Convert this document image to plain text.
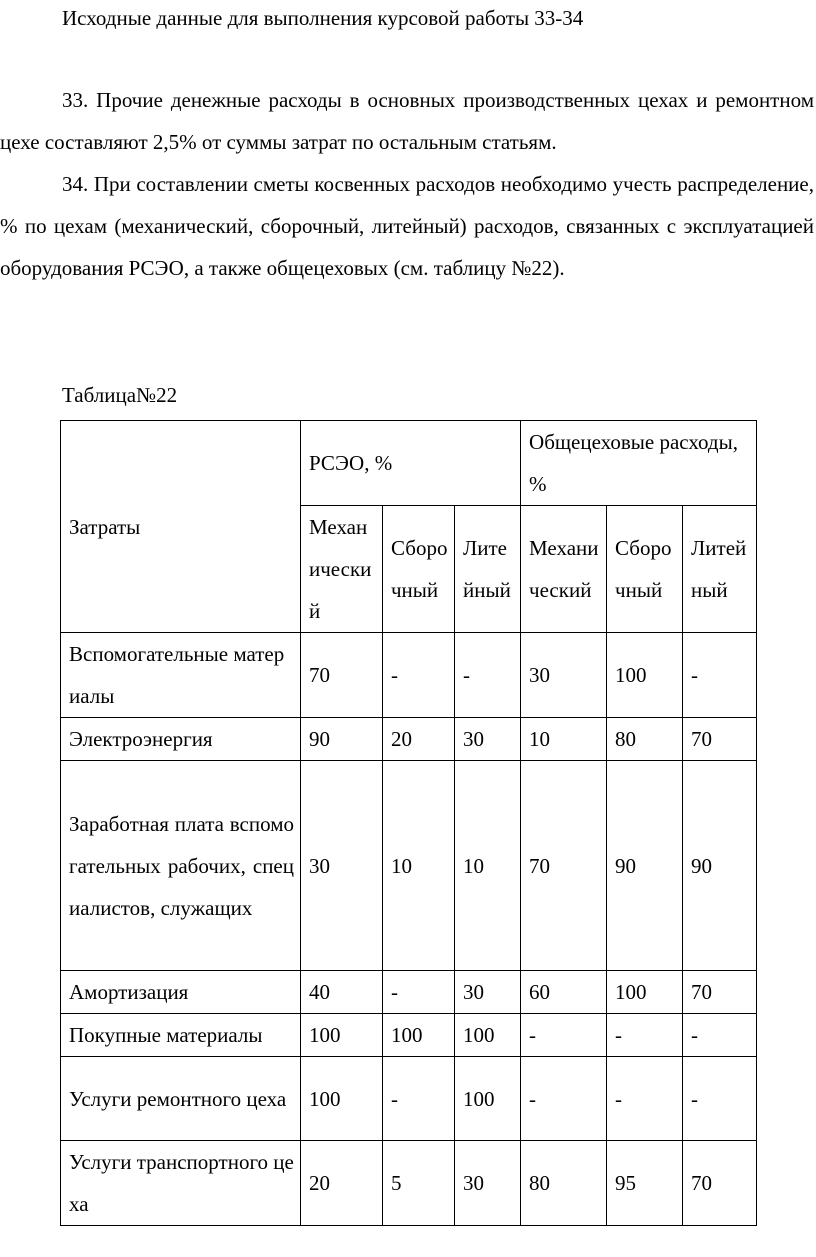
Исходные данные для выполнения курсовой работы 33-34

33. Прочие денежные расходы в основных производственных цехах и ремонтном цехе составляют 2,5% от суммы затрат по остальным статьям.

34. При составлении сметы косвенных расходов необходимо учесть распределение, % по цехам (механический, сборочный, литейный) расходов, связанных с эксплуатацией оборудования РСЭО, а также общецеховых (см. таблицу №22).

Таблица№22
Затраты	РСЭО, %			Общецеховые расходы, %		
	Механический	Сборочный	Литейный	Механический	Сборочный	Литейный
Вспомогательные материалы	70	-	-	30	100	-
Электроэнергия	90	20	30	10	80	70
Заработная плата вспомогательных рабочих, специалистов, служащих	30	10	10	70	90	90
Амортизация	40	-	30	60	100	70
Покупные материалы	100	100	100	-	-	-
Услуги ремонтного цеха	100	-	100	-	-	-
Услуги транспортного цеха	20	5	30	80	95	70
